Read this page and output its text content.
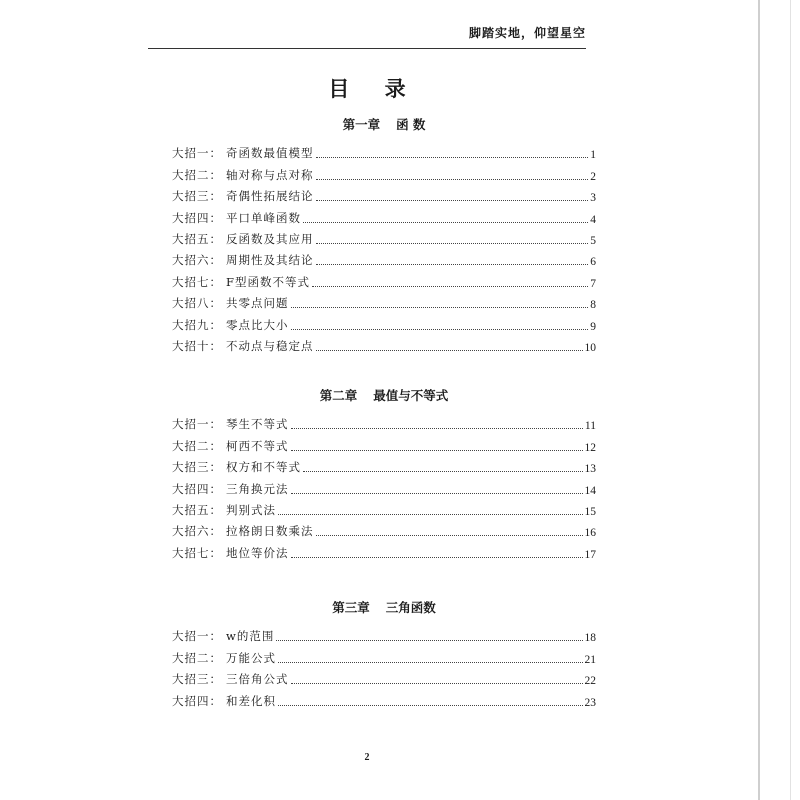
脚踏实地，仰望星空
目 录
第一章 函 数
大招一： 奇函数最值模型	1
大招二： 轴对称与点对称	2
大招三： 奇偶性拓展结论	3
大招四： 平口单峰函数	4
大招五： 反函数及其应用	5
大招六： 周期性及其结论	6
大招七： F型函数不等式	7
大招八： 共零点问题	8
大招九： 零点比大小	9
大招十： 不动点与稳定点	10
第二章 最值与不等式
大招一： 琴生不等式	11
大招二： 柯西不等式	12
大招三： 权方和不等式	13
大招四： 三角换元法	14
大招五： 判别式法	15
大招六： 拉格朗日数乘法	16
大招七： 地位等价法	17
第三章 三角函数
大招一： w的范围	18
大招二： 万能公式	21
大招三： 三倍角公式	22
大招四： 和差化积	23
2
